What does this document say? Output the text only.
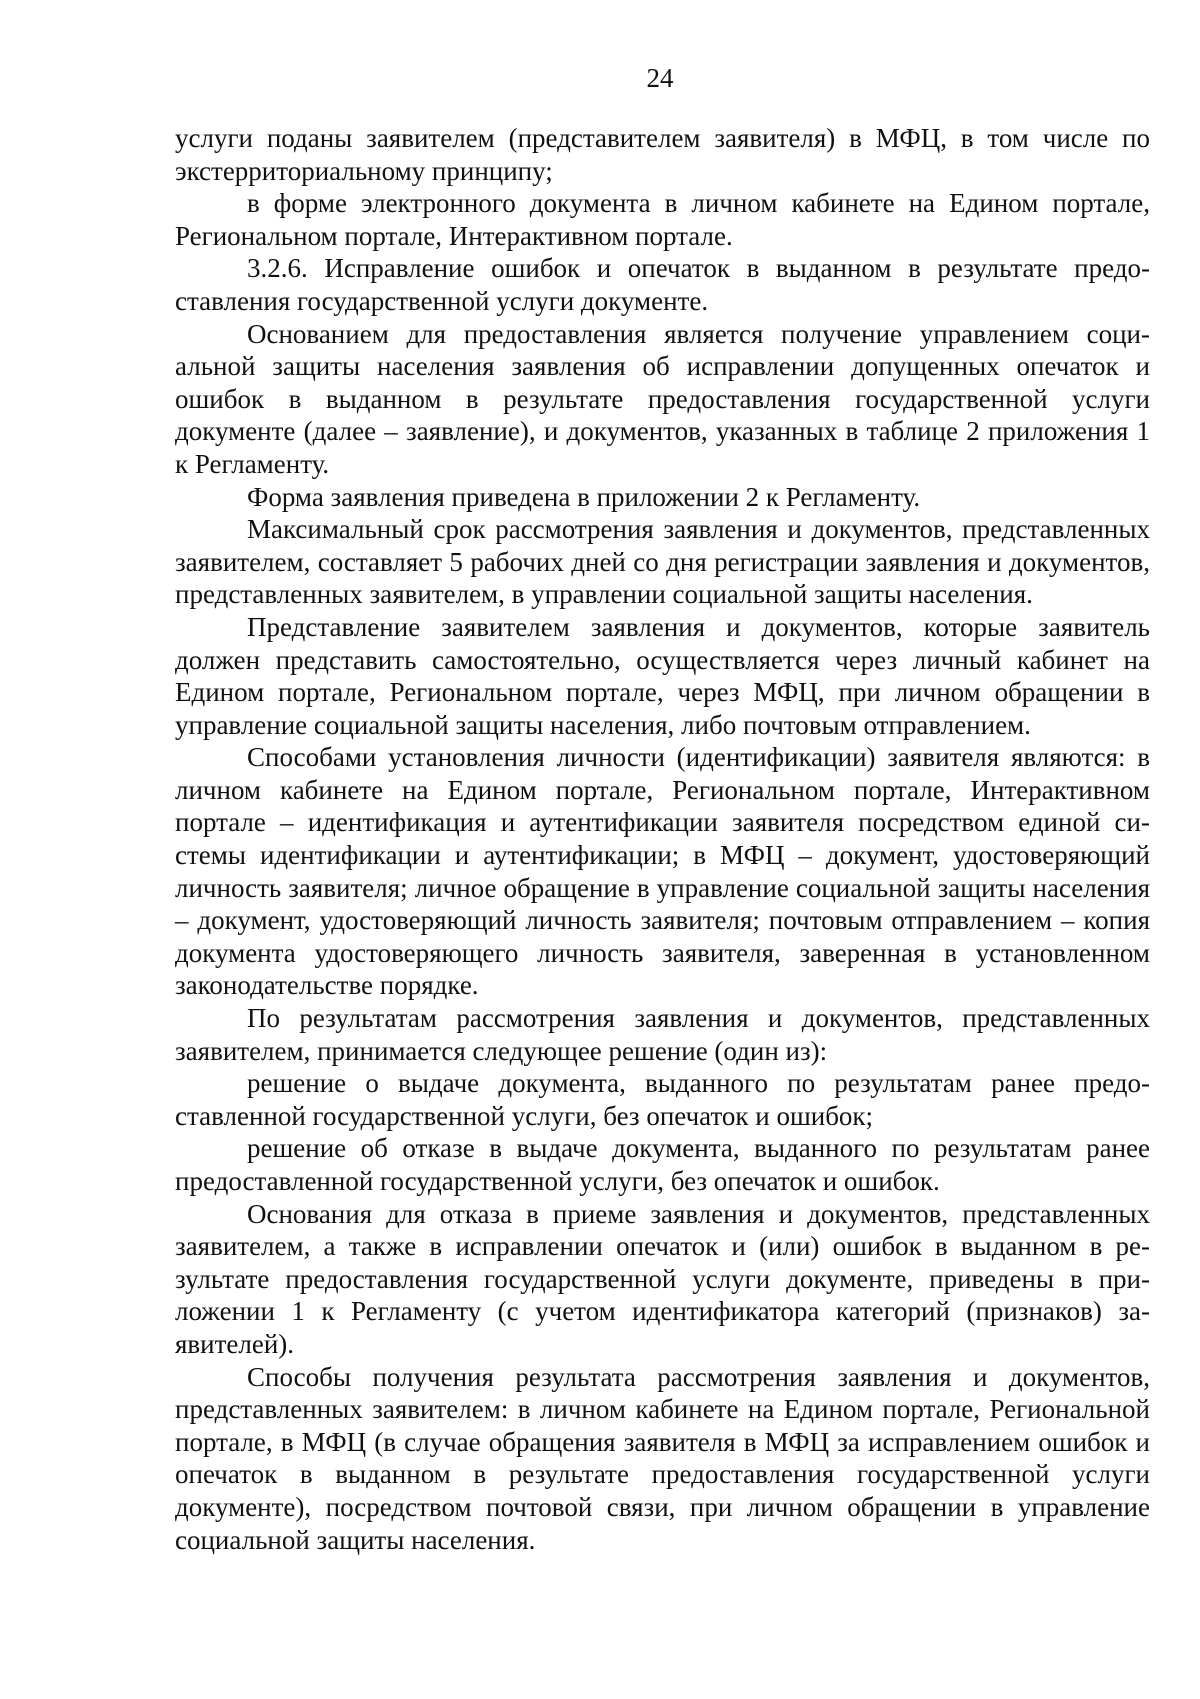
24

услуги поданы заявителем (представителем заявителя) в МФЦ, в том числе по экстерриториальному принципу;

в форме электронного документа в личном кабинете на Едином портале, Региональном портале, Интерактивном портале.

3.2.6. Исправление ошибок и опечаток в выданном в результате предоставления государственной услуги документе.

Основанием для предоставления является получение управлением социальной защиты населения заявления об исправлении допущенных опечаток и ошибок в выданном в результате предоставления государственной услуги документе (далее – заявление), и документов, указанных в таблице 2 приложения 1 к Регламенту.

Форма заявления приведена в приложении 2 к Регламенту.

Максимальный срок рассмотрения заявления и документов, представленных заявителем, составляет 5 рабочих дней со дня регистрации заявления и документов, представленных заявителем, в управлении социальной защиты населения.

Представление заявителем заявления и документов, которые заявитель должен представить самостоятельно, осуществляется через личный кабинет на Едином портале, Региональном портале, через МФЦ, при личном обращении в управление социальной защиты населения, либо почтовым отправлением.

Способами установления личности (идентификации) заявителя являются: в личном кабинете на Едином портале, Региональном портале, Интерактивном портале – идентификация и аутентификации заявителя посредством единой системы идентификации и аутентификации; в МФЦ – документ, удостоверяющий личность заявителя; личное обращение в управление социальной защиты населения – документ, удостоверяющий личность заявителя; почтовым отправлением – копия документа удостоверяющего личность заявителя, заверенная в установленном законодательстве порядке.

По результатам рассмотрения заявления и документов, представленных заявителем, принимается следующее решение (один из):

решение о выдаче документа, выданного по результатам ранее предоставленной государственной услуги, без опечаток и ошибок;

решение об отказе в выдаче документа, выданного по результатам ранее предоставленной государственной услуги, без опечаток и ошибок.

Основания для отказа в приеме заявления и документов, представленных заявителем, а также в исправлении опечаток и (или) ошибок в выданном в результате предоставления государственной услуги документе, приведены в приложении 1 к Регламенту (с учетом идентификатора категорий (признаков) заявителей).

Способы получения результата рассмотрения заявления и документов, представленных заявителем: в личном кабинете на Едином портале, Региональной портале, в МФЦ (в случае обращения заявителя в МФЦ за исправлением ошибок и опечаток в выданном в результате предоставления государственной услуги документе), посредством почтовой связи, при личном обращении в управление социальной защиты населения.
